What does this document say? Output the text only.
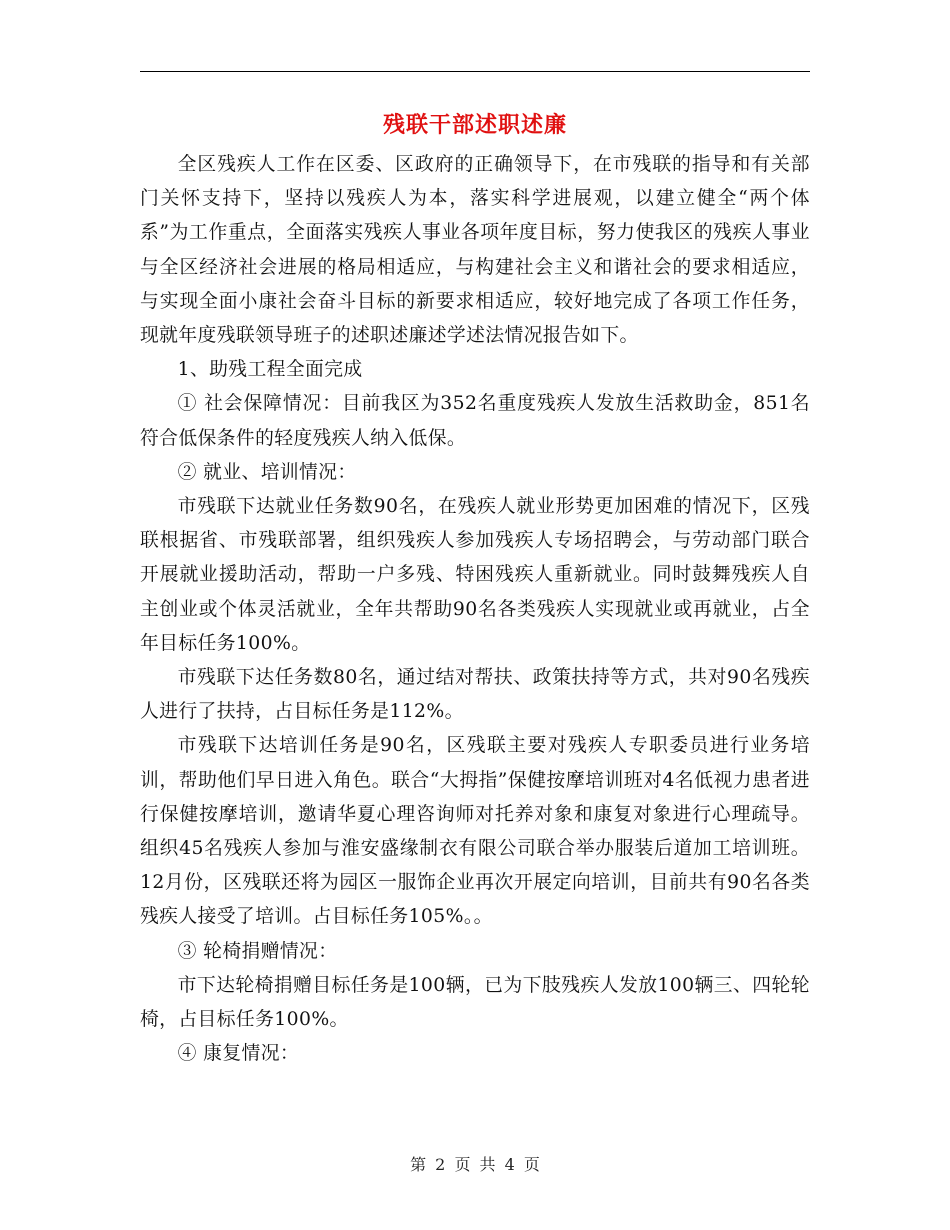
残联干部述职述廉

全区残疾人工作在区委、区政府的正确领导下，在市残联的指导和有关部门关怀支持下，坚持以残疾人为本，落实科学进展观，以建立健全“两个体系”为工作重点，全面落实残疾人事业各项年度目标，努力使我区的残疾人事业与全区经济社会进展的格局相适应，与构建社会主义和谐社会的要求相适应，与实现全面小康社会奋斗目标的新要求相适应，较好地完成了各项工作任务，现就年度残联领导班子的述职述廉述学述法情况报告如下。

1、助残工程全面完成

① 社会保障情况：目前我区为352名重度残疾人发放生活救助金，851名符合低保条件的轻度残疾人纳入低保。

② 就业、培训情况：

市残联下达就业任务数90名，在残疾人就业形势更加困难的情况下，区残联根据省、市残联部署，组织残疾人参加残疾人专场招聘会，与劳动部门联合开展就业援助活动，帮助一户多残、特困残疾人重新就业。同时鼓舞残疾人自主创业或个体灵活就业，全年共帮助90名各类残疾人实现就业或再就业，占全年目标任务100%。

市残联下达任务数80名，通过结对帮扶、政策扶持等方式，共对90名残疾人进行了扶持，占目标任务是112%。

市残联下达培训任务是90名，区残联主要对残疾人专职委员进行业务培训，帮助他们早日进入角色。联合“大拇指”保健按摩培训班对4名低视力患者进行保健按摩培训，邀请华夏心理咨询师对托养对象和康复对象进行心理疏导。组织45名残疾人参加与淮安盛缘制衣有限公司联合举办服装后道加工培训班。12月份，区残联还将为园区一服饰企业再次开展定向培训，目前共有90名各类残疾人接受了培训。占目标任务105%。。

③ 轮椅捐赠情况：

市下达轮椅捐赠目标任务是100辆，已为下肢残疾人发放100辆三、四轮轮椅，占目标任务100%。

④ 康复情况：

第 2 页 共 4 页
